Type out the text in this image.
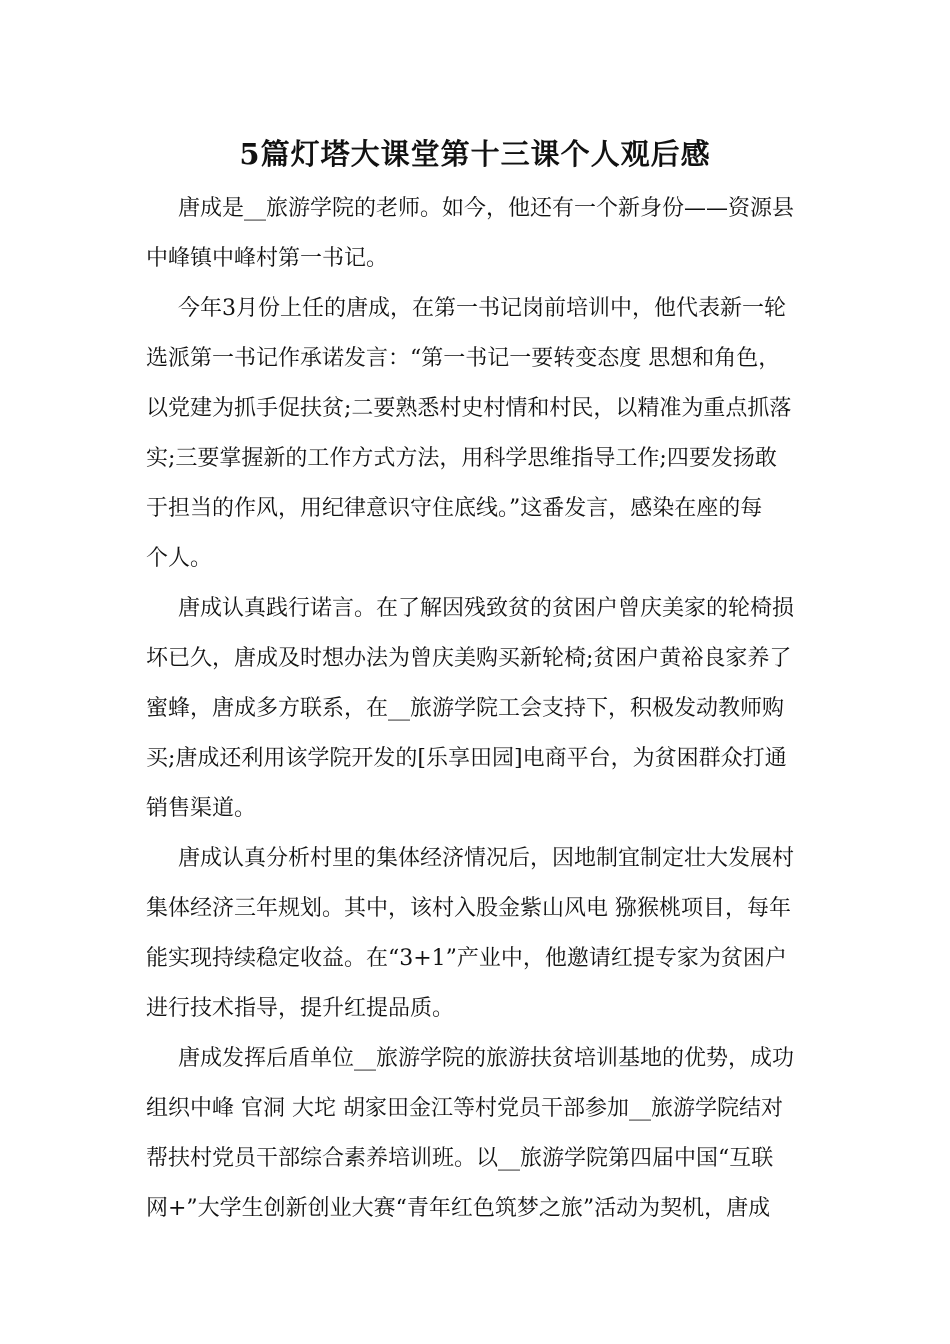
5篇灯塔大课堂第十三课个人观后感

唐成是__旅游学院的老师。如今，他还有一个新身份——资源县
中峰镇中峰村第一书记。

今年3月份上任的唐成，在第一书记岗前培训中，他代表新一轮
选派第一书记作承诺发言：“第一书记一要转变态度 思想和角色，
以党建为抓手促扶贫;二要熟悉村史村情和村民，以精准为重点抓落
实;三要掌握新的工作方式方法，用科学思维指导工作;四要发扬敢
于担当的作风，用纪律意识守住底线。”这番发言，感染在座的每
个人。

唐成认真践行诺言。在了解因残致贫的贫困户曾庆美家的轮椅损
坏已久，唐成及时想办法为曾庆美购买新轮椅;贫困户黄裕良家养了
蜜蜂，唐成多方联系，在__旅游学院工会支持下，积极发动教师购
买;唐成还利用该学院开发的[乐享田园]电商平台，为贫困群众打通
销售渠道。

唐成认真分析村里的集体经济情况后，因地制宜制定壮大发展村
集体经济三年规划。其中，该村入股金紫山风电 猕猴桃项目，每年
能实现持续稳定收益。在“3+1”产业中，他邀请红提专家为贫困户
进行技术指导，提升红提品质。

唐成发挥后盾单位__旅游学院的旅游扶贫培训基地的优势，成功
组织中峰 官洞 大坨 胡家田金江等村党员干部参加__旅游学院结对
帮扶村党员干部综合素养培训班。以__旅游学院第四届中国“互联
网+”大学生创新创业大赛“青年红色筑梦之旅”活动为契机，唐成
